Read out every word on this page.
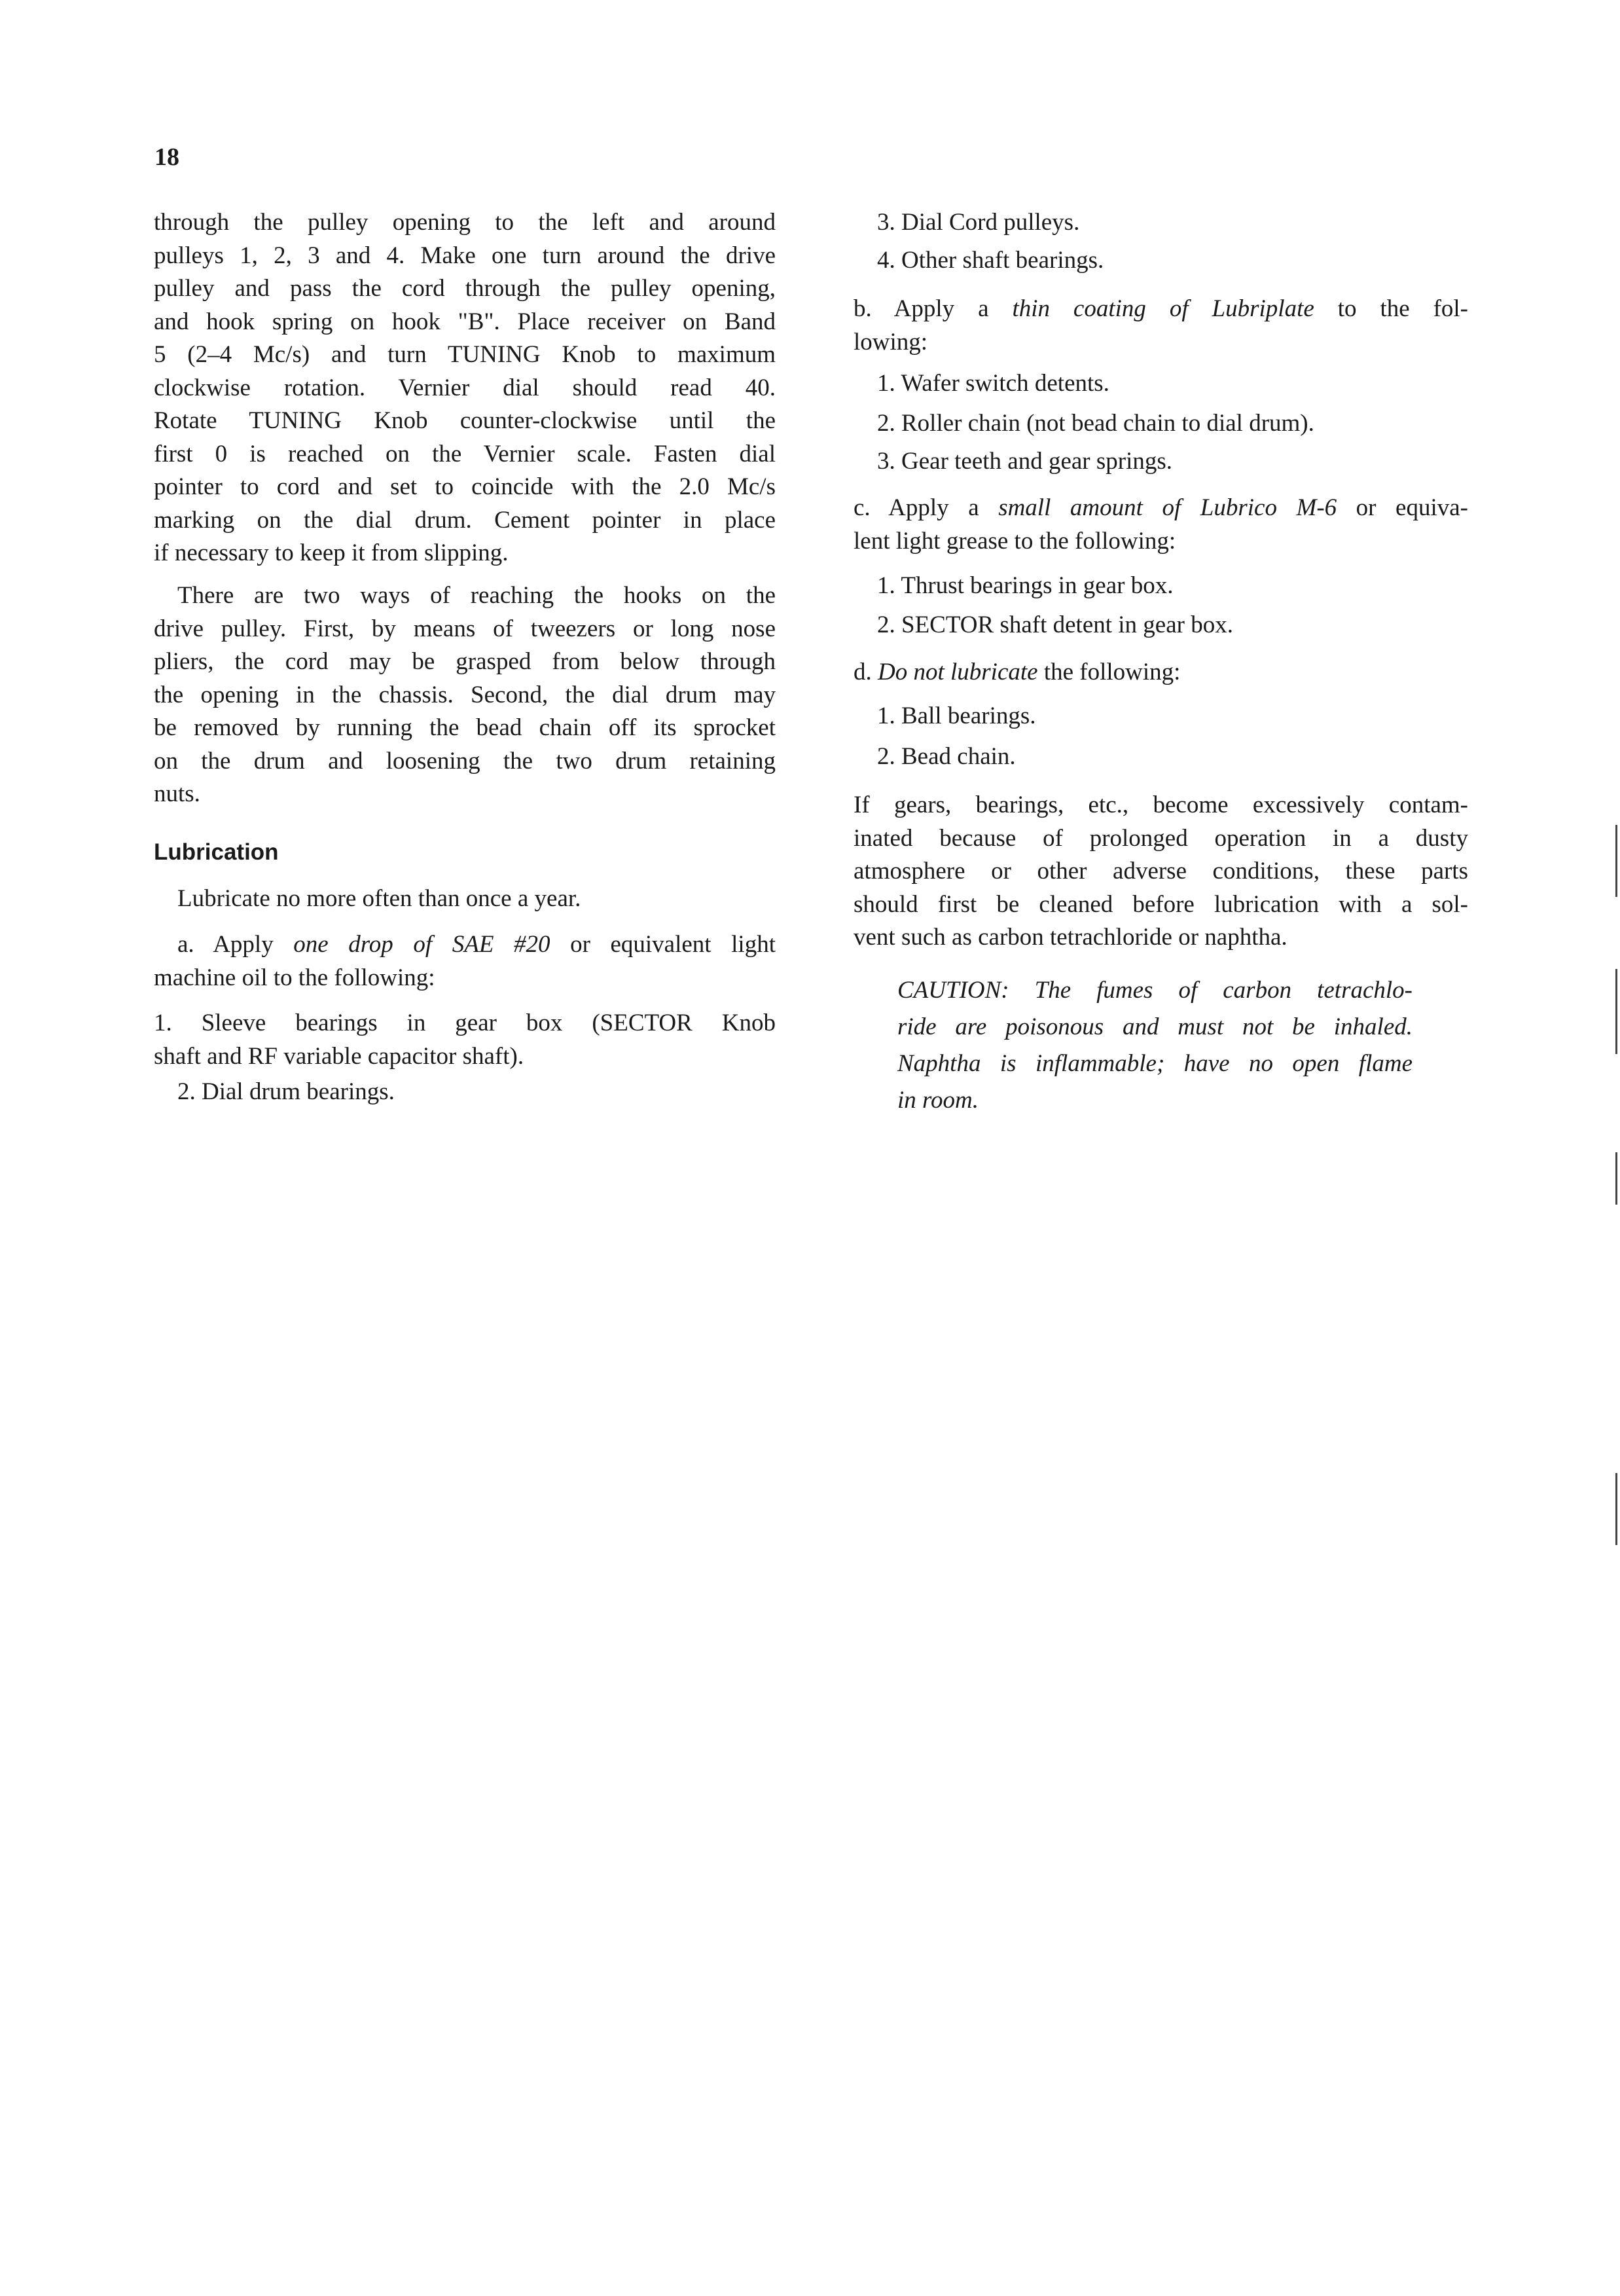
18
through the pulley opening to the left and around
pulleys 1, 2, 3 and 4. Make one turn around the drive
pulley and pass the cord through the pulley opening,
and hook spring on hook "B". Place receiver on Band
5 (2–4 Mc/s) and turn TUNING Knob to maximum
clockwise rotation. Vernier dial should read 40.
Rotate TUNING Knob counter-clockwise until the
first 0 is reached on the Vernier scale. Fasten dial
pointer to cord and set to coincide with the 2.0 Mc/s
marking on the dial drum. Cement pointer in place
if necessary to keep it from slipping.
There are two ways of reaching the hooks on the
drive pulley. First, by means of tweezers or long nose
pliers, the cord may be grasped from below through
the opening in the chassis. Second, the dial drum may
be removed by running the bead chain off its sprocket
on the drum and loosening the two drum retaining
nuts.
Lubrication
Lubricate no more often than once a year.
a. Apply one drop of SAE #20 or equivalent light
machine oil to the following:
1. Sleeve bearings in gear box (SECTOR Knob
shaft and RF variable capacitor shaft).
2. Dial drum bearings.
3. Dial Cord pulleys.
4. Other shaft bearings.
b. Apply a thin coating of Lubriplate to the fol-
lowing:
1. Wafer switch detents.
2. Roller chain (not bead chain to dial drum).
3. Gear teeth and gear springs.
c. Apply a small amount of Lubrico M-6 or equiva-
lent light grease to the following:
1. Thrust bearings in gear box.
2. SECTOR shaft detent in gear box.
d. Do not lubricate the following:
1. Ball bearings.
2. Bead chain.
If gears, bearings, etc., become excessively contam-
inated because of prolonged operation in a dusty
atmosphere or other adverse conditions, these parts
should first be cleaned before lubrication with a sol-
vent such as carbon tetrachloride or naphtha.
CAUTION: The fumes of carbon tetrachlo-
ride are poisonous and must not be inhaled.
Naphtha is inflammable; have no open flame
in room.
